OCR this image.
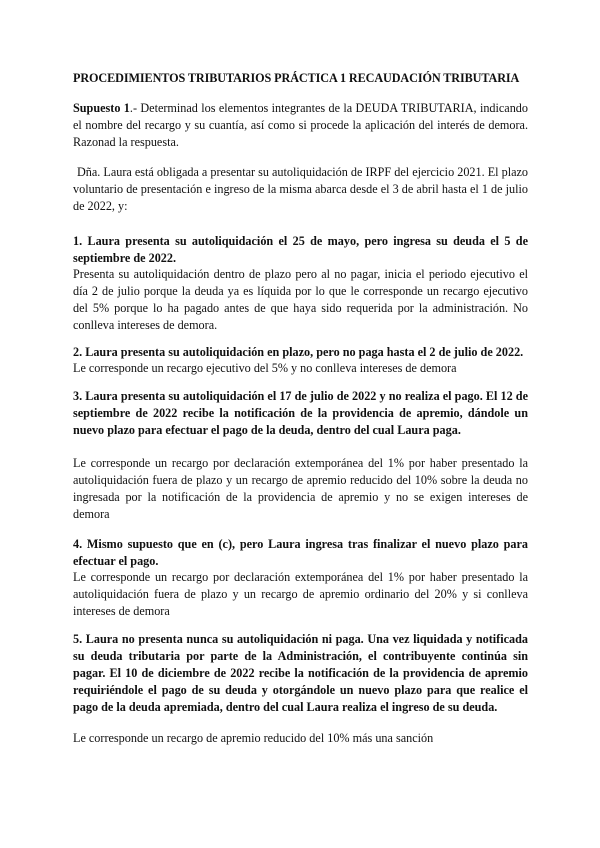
PROCEDIMIENTOS TRIBUTARIOS PRÁCTICA 1 RECAUDACIÓN TRIBUTARIA

Supuesto 1.- Determinad los elementos integrantes de la DEUDA TRIBUTARIA, indicando el nombre del recargo y su cuantía, así como si procede la aplicación del interés de demora. Razonad la respuesta.

Dña. Laura está obligada a presentar su autoliquidación de IRPF del ejercicio 2021. El plazo voluntario de presentación e ingreso de la misma abarca desde el 3 de abril hasta el 1 de julio de 2022, y:

1. Laura presenta su autoliquidación el 25 de mayo, pero ingresa su deuda el 5 de septiembre de 2022.

Presenta su autoliquidación dentro de plazo pero al no pagar, inicia el periodo ejecutivo el día 2 de julio porque la deuda ya es líquida por lo que le corresponde un recargo ejecutivo del 5% porque lo ha pagado antes de que haya sido requerida por la administración. No conlleva intereses de demora.

2. Laura presenta su autoliquidación en plazo, pero no paga hasta el 2 de julio de 2022.

Le corresponde un recargo ejecutivo del 5% y no conlleva intereses de demora

3. Laura presenta su autoliquidación el 17 de julio de 2022 y no realiza el pago. El 12 de septiembre de 2022 recibe la notificación de la providencia de apremio, dándole un nuevo plazo para efectuar el pago de la deuda, dentro del cual Laura paga.

Le corresponde un recargo por declaración extemporánea del 1% por haber presentado la autoliquidación fuera de plazo y un recargo de apremio reducido del 10% sobre la deuda no ingresada por la notificación de la providencia de apremio y no se exigen intereses de demora

4. Mismo supuesto que en (c), pero Laura ingresa tras finalizar el nuevo plazo para efectuar el pago.

Le corresponde un recargo por declaración extemporánea del 1% por haber presentado la autoliquidación fuera de plazo y un recargo de apremio ordinario del 20% y si conlleva intereses de demora

5. Laura no presenta nunca su autoliquidación ni paga. Una vez liquidada y notificada su deuda tributaria por parte de la Administración, el contribuyente continúa sin pagar. El 10 de diciembre de 2022 recibe la notificación de la providencia de apremio requiriéndole el pago de su deuda y otorgándole un nuevo plazo para que realice el pago de la deuda apremiada, dentro del cual Laura realiza el ingreso de su deuda.

Le corresponde un recargo de apremio reducido del 10% más una sanción
